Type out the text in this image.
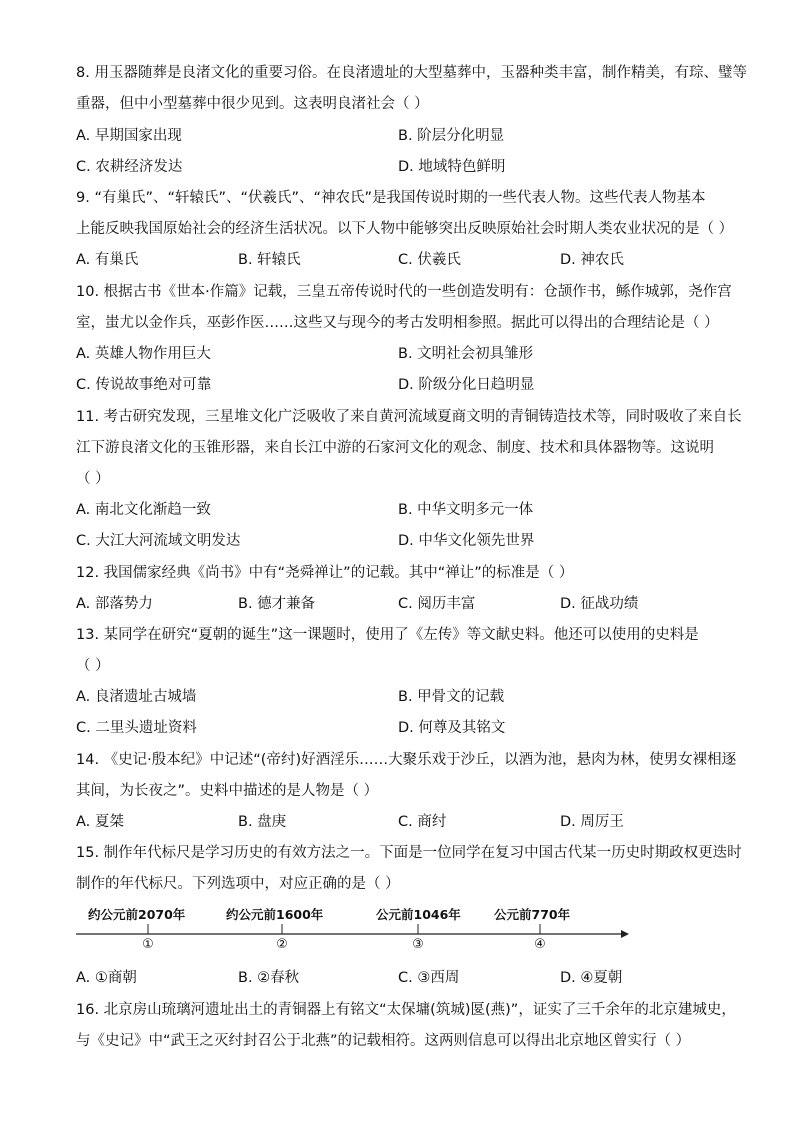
8. 用玉器随葬是良渚文化的重要习俗。在良渚遗址的大型墓葬中，玉器种类丰富，制作精美，有琮、璧等
重器，但中小型墓葬中很少见到。这表明良渚社会（ ）
A. 早期国家出现	B. 阶层分化明显
C. 农耕经济发达	D. 地域特色鲜明
9. “有巢氏”、“轩辕氏”、“伏羲氏”、“神农氏”是我国传说时期的一些代表人物。这些代表人物基本
上能反映我国原始社会的经济生活状况。以下人物中能够突出反映原始社会时期人类农业状况的是（ ）
A. 有巢氏	B. 轩辕氏	C. 伏羲氏	D. 神农氏
10. 根据古书《世本·作篇》记载，三皇五帝传说时代的一些创造发明有：仓颉作书，鲧作城郭，尧作宫
室，蚩尤以金作兵，巫彭作医……这些又与现今的考古发明相参照。据此可以得出的合理结论是（ ）
A. 英雄人物作用巨大	B. 文明社会初具雏形
C. 传说故事绝对可靠	D. 阶级分化日趋明显
11. 考古研究发现，三星堆文化广泛吸收了来自黄河流域夏商文明的青铜铸造技术等，同时吸收了来自长
江下游良渚文化的玉锥形器，来自长江中游的石家河文化的观念、制度、技术和具体器物等。这说明
（ ）
A. 南北文化渐趋一致	B. 中华文明多元一体
C. 大江大河流域文明发达	D. 中华文化领先世界
12. 我国儒家经典《尚书》中有“尧舜禅让”的记载。其中“禅让”的标准是（ ）
A. 部落势力	B. 德才兼备	C. 阅历丰富	D. 征战功绩
13. 某同学在研究“夏朝的诞生”这一课题时，使用了《左传》等文献史料。他还可以使用的史料是
（ ）
A. 良渚遗址古城墙	B. 甲骨文的记载
C. 二里头遗址资料	D. 何尊及其铭文
14. 《史记·殷本纪》中记述“(帝纣)好酒淫乐……大聚乐戏于沙丘，以酒为池，悬肉为林，使男女裸相逐
其间，为长夜之”。史料中描述的是人物是（ ）
A. 夏桀	B. 盘庚	C. 商纣	D. 周厉王
15. 制作年代标尺是学习历史的有效方法之一。下面是一位同学在复习中国古代某一历史时期政权更迭时
制作的年代标尺。下列选项中，对应正确的是（ ）
约公元前2070年	约公元前1600年	公元前1046年	公元前770年
①	②	③	④
A. ①商朝	B. ②春秋	C. ③西周	D. ④夏朝
16. 北京房山琉璃河遗址出土的青铜器上有铭文“太保墉(筑城)匽(燕)”，证实了三千余年的北京建城史，
与《史记》中“武王之灭纣封召公于北燕”的记载相符。这两则信息可以得出北京地区曾实行（ ）
